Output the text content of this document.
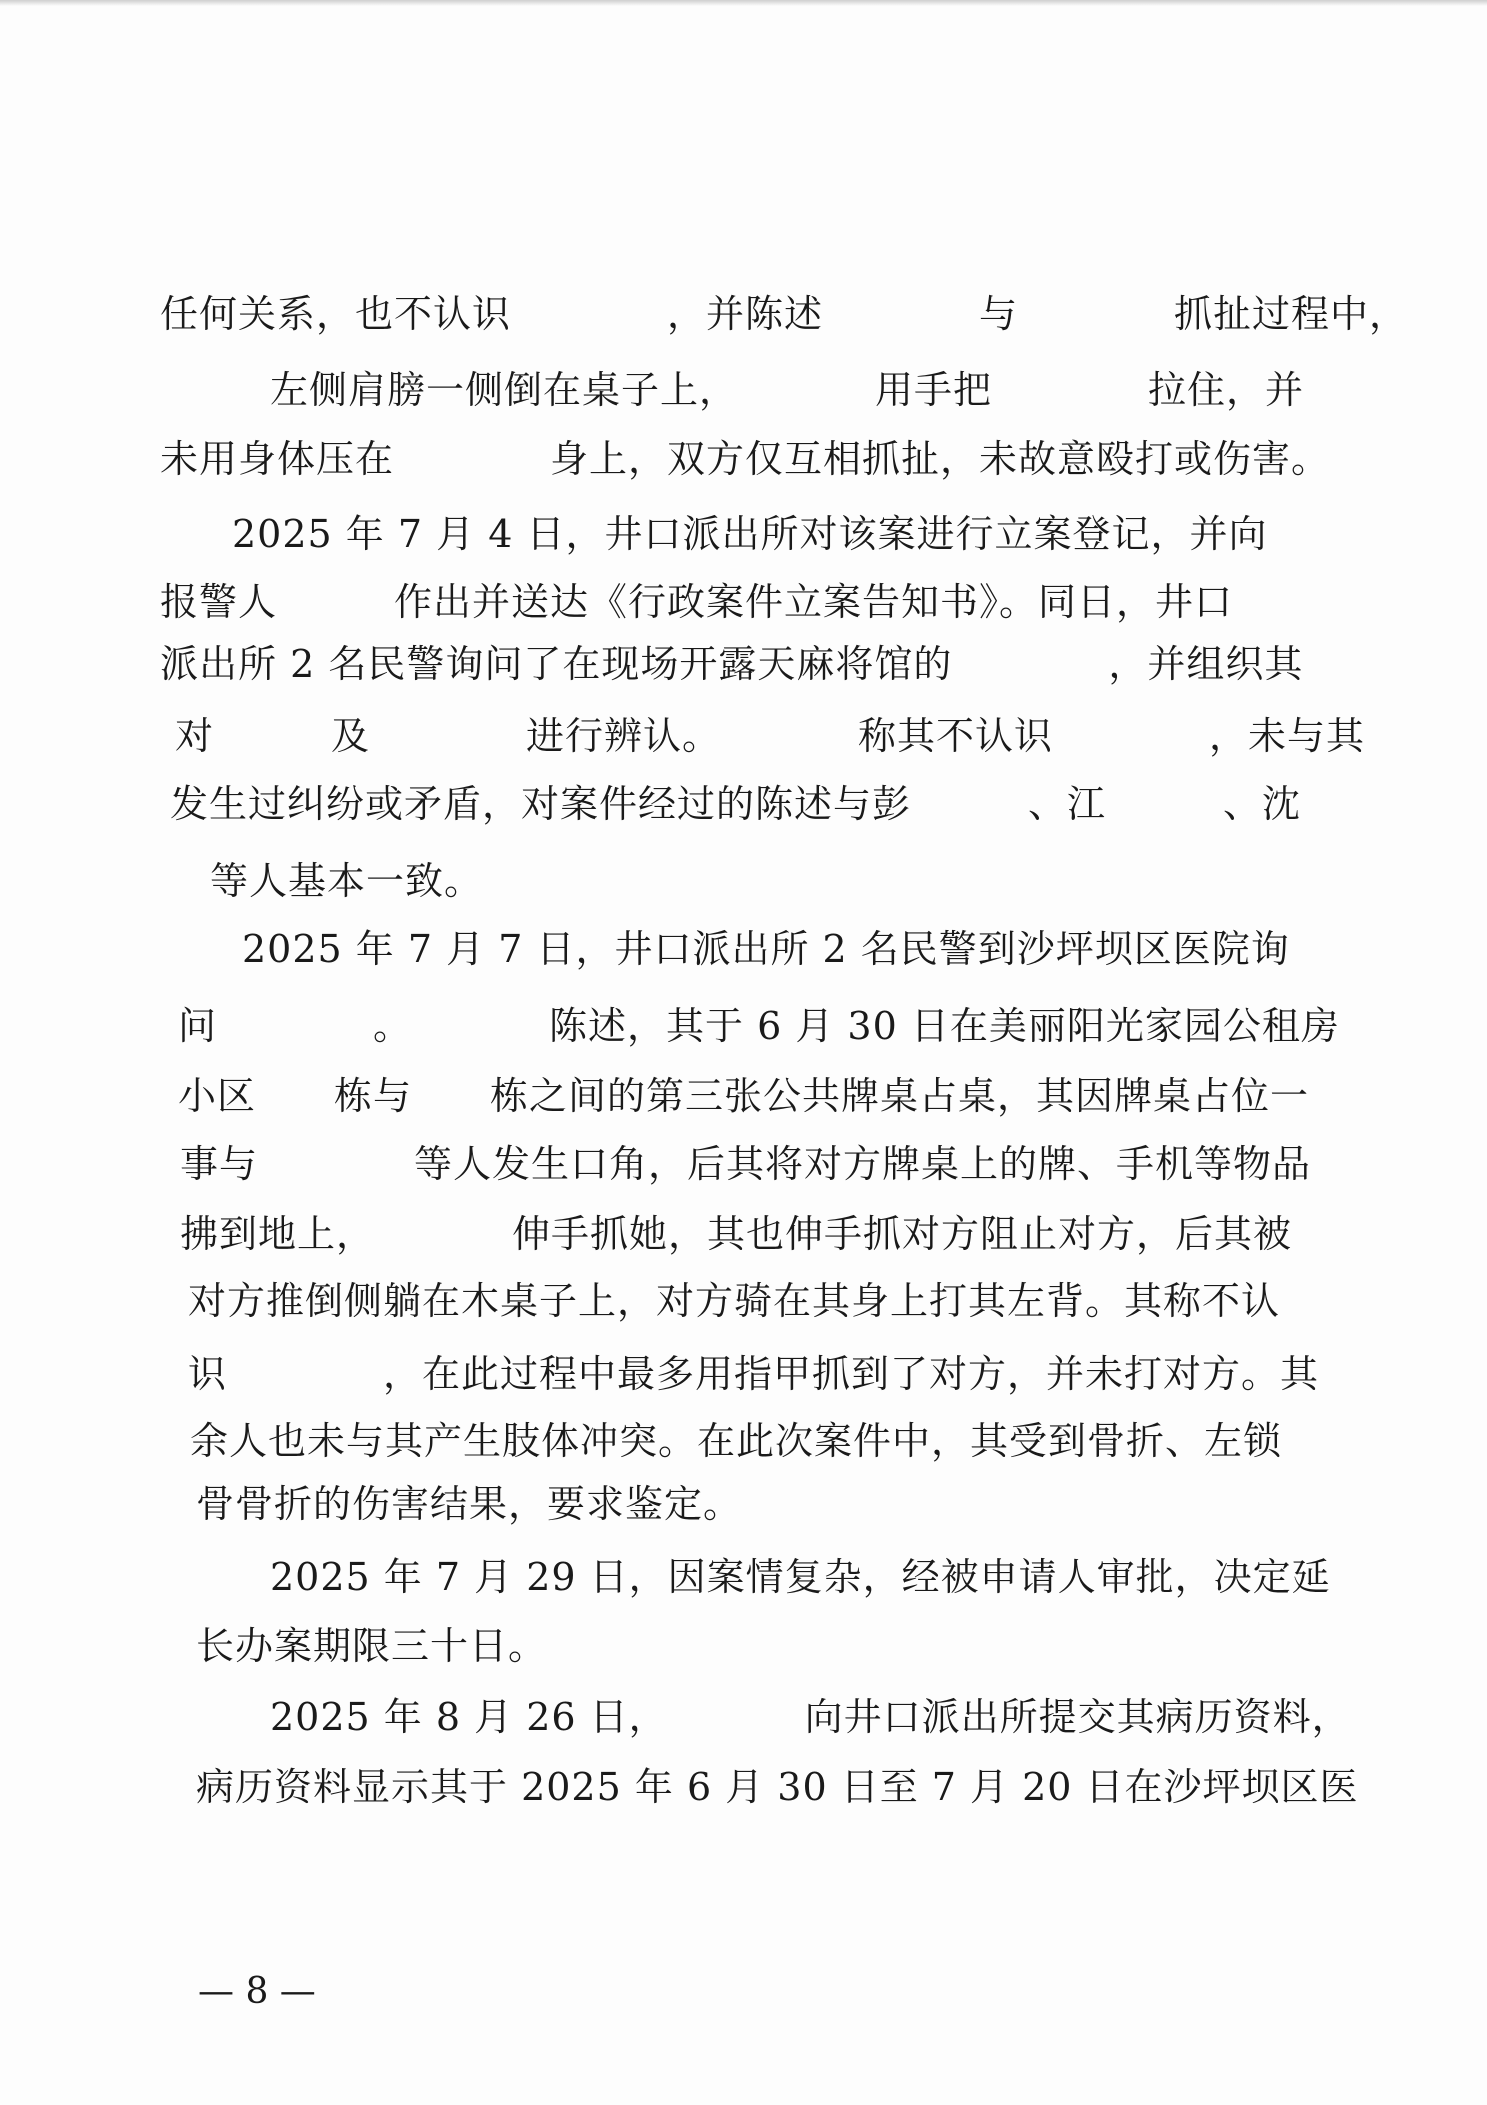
任何关系，也不认识　　　　，并陈述　　　　与　　　　抓扯过程中，
左侧肩膀一侧倒在桌子上，　　　　用手把　　　　拉住，并
未用身体压在　　　　身上，双方仅互相抓扯，未故意殴打或伤害。
2025 年 7 月 4 日，井口派出所对该案进行立案登记，并向
报警人　　　作出并送达《行政案件立案告知书》。同日，井口
派出所 2 名民警询问了在现场开露天麻将馆的　　　　，并组织其
对　　　及　　　　进行辨认。　　　　称其不认识　　　　，未与其
发生过纠纷或矛盾，对案件经过的陈述与彭　　　、江　　　、沈
等人基本一致。
2025 年 7 月 7 日，井口派出所 2 名民警到沙坪坝区医院询
问　　　　。　　　　陈述，其于 6 月 30 日在美丽阳光家园公租房
小区　　栋与　　栋之间的第三张公共牌桌占桌，其因牌桌占位一
事与　　　　等人发生口角，后其将对方牌桌上的牌、手机等物品
拂到地上，　　　　伸手抓她，其也伸手抓对方阻止对方，后其被
对方推倒侧躺在木桌子上，对方骑在其身上打其左背。其称不认
识　　　　，在此过程中最多用指甲抓到了对方，并未打对方。其
余人也未与其产生肢体冲突。在此次案件中，其受到骨折、左锁
骨骨折的伤害结果，要求鉴定。
2025 年 7 月 29 日，因案情复杂，经被申请人审批，决定延
长办案期限三十日。
2025 年 8 月 26 日，　　　　向井口派出所提交其病历资料，
病历资料显示其于 2025 年 6 月 30 日至 7 月 20 日在沙坪坝区医
— 8 —
